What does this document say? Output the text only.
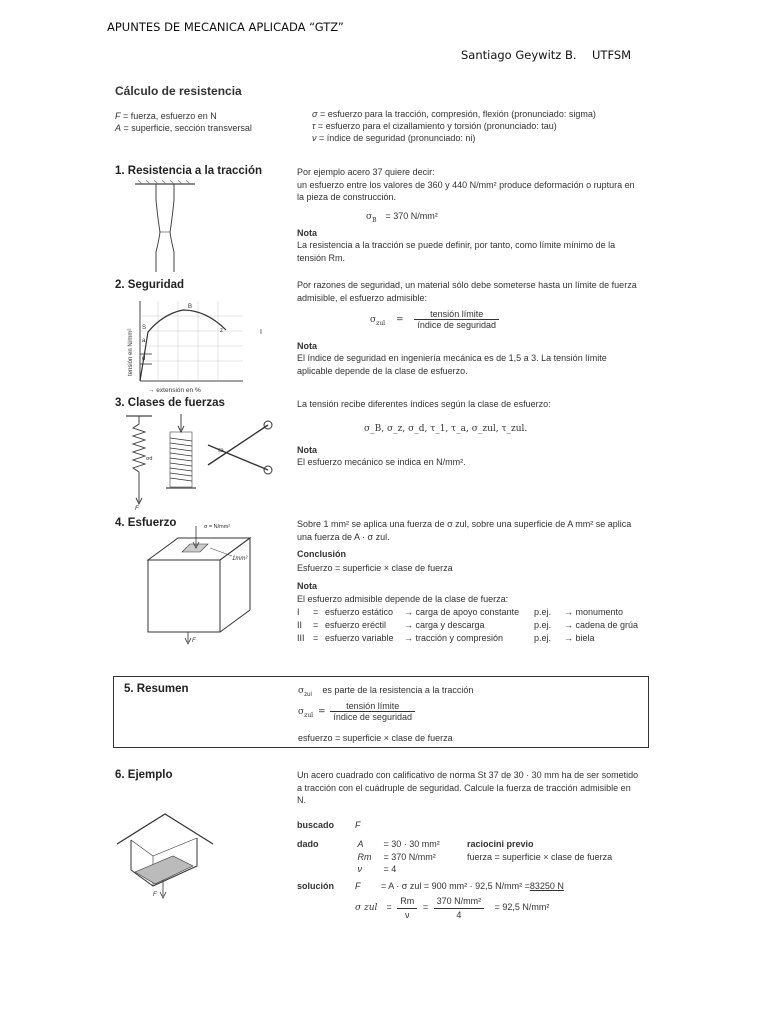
APUNTES DE MECANICA APLICADA “GTZ”
Santiago Geywitz B. UTFSM
Cálculo de resistencia
F = fuerza, esfuerzo en N
A = superficie, sección transversal
σ = esfuerzo para la tracción, compresión, flexión (pronunciado: sigma)
τ = esfuerzo para el cizallamiento y torsión (pronunciado: tau)
ν = índice de seguridad (pronunciado: ni)
1. Resistencia a la tracción	Por ejemplo acero 37 quiere decir:
un esfuerzo entre los valores de 360 y 440 N/mm² produce deformación o ruptura en la pieza de construcción.
$\sigma_B = 370$ N/mm²
Nota
La resistencia a la tracción se puede definir, por tanto, como límite mínimo de la tensión Rm.
2. Seguridad
B
S
a
z
d
I
tensión en N/mm²
→ extensión en %
Por razones de seguridad, un material sólo debe someterse hasta un límite de fuerza admisible, el esfuerzo admisible:
$\sigma_{zul} = \frac{\text{tensión límite}}{\text{índice de seguridad}}$
Nota
El índice de seguridad en ingeniería mecánica es de 1,5 a 3. La tensión límite aplicable depende de la clase de esfuerzo.
3. Clases de fuerzas
F
σd
τa
La tensión recibe diferentes índices según la clase de esfuerzo:
σ_B, σ_z, σ_d, τ_1, τ_a, σ_zul, τ_zul.
Nota
El esfuerzo mecánico se indica en N/mm².
4. Esfuerzo	σ = N/mm²
1mm²
F
Sobre 1 mm² se aplica una fuerza de σ zul, sobre una superficie de A mm² se aplica una fuerza de A · σ zul.
Conclusión
Esfuerzo = superficie × clase de fuerza
Nota
El esfuerzo admisible depende de la clase de fuerza:
I = esfuerzo estático → carga de apoyo constante p.ej. → monumento
II = esfuerzo eréctil → carga y descarga	p.ej. → cadena de grúa
III = esfuerzo variable → tracción y compresión	p.ej. → biela
5. Resumen	$\sigma_{zul}$ es parte de la resistencia a la tracción
$\sigma_{zul} = \frac{\text{tensión límite}}{\text{índice de seguridad}}$
esfuerzo = superficie × clase de fuerza
6. Ejemplo	Un acero cuadrado con calificativo de norma St 37 de 30 · 30 mm ha de ser sometido a tracción con el cuádruple de seguridad. Calcule la fuerza de tracción admisible en N.
F
buscado F
dado	A = 30 · 30 mm²
Rm = 370 N/mm²
ν = 4
raciocini previo
fuerza = superficie × clase de fuerza
solución F = A · σ zul = 900 mm² · 92,5 N/mm² =83250 N
σ zul = $\frac{Rm}{\nu} = \frac{\text{370 N/mm²}}{4} = 92,5$ N/mm²
